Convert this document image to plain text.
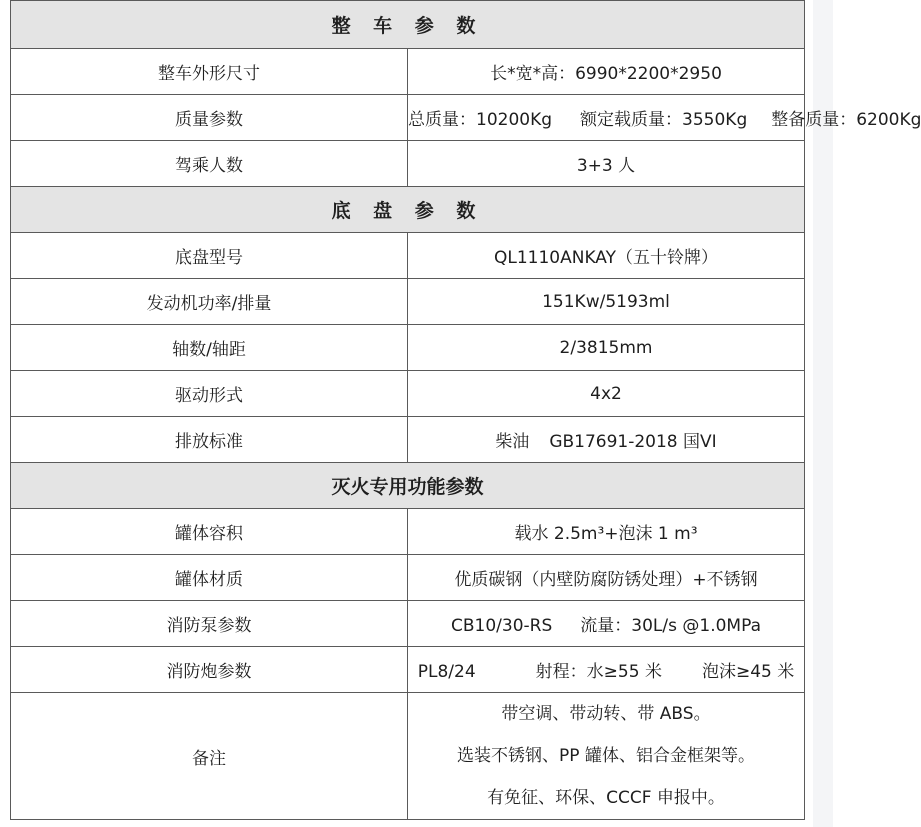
整 车 参 数	
整车外形尺寸	长*宽*高：6990*2200*2950
质量参数	总质量：10200Kg 额定载质量：3550Kg 整备质量：6200Kg
驾乘人数	3+3 人
底 盘 参 数	
底盘型号	QL1110ANKAY（五十铃牌）
发动机功率/排量	151Kw/5193ml
轴数/轴距	2/3815mm
驱动形式	4x2
排放标准	柴油 GB17691-2018 国VI
灭火专用功能参数	
罐体容积	载水 2.5m³+泡沫 1 m³
罐体材质	优质碳钢（内壁防腐防锈处理）+不锈钢
消防泵参数	CB10/30-RS 流量：30L/s @1.0MPa
消防炮参数	PL8/24 射程：水≥55 米 泡沫≥45 米
备注	带空调、带动转、带 ABS。
选装不锈钢、PP 罐体、铝合金框架等。
有免征、环保、CCCF 申报中。
